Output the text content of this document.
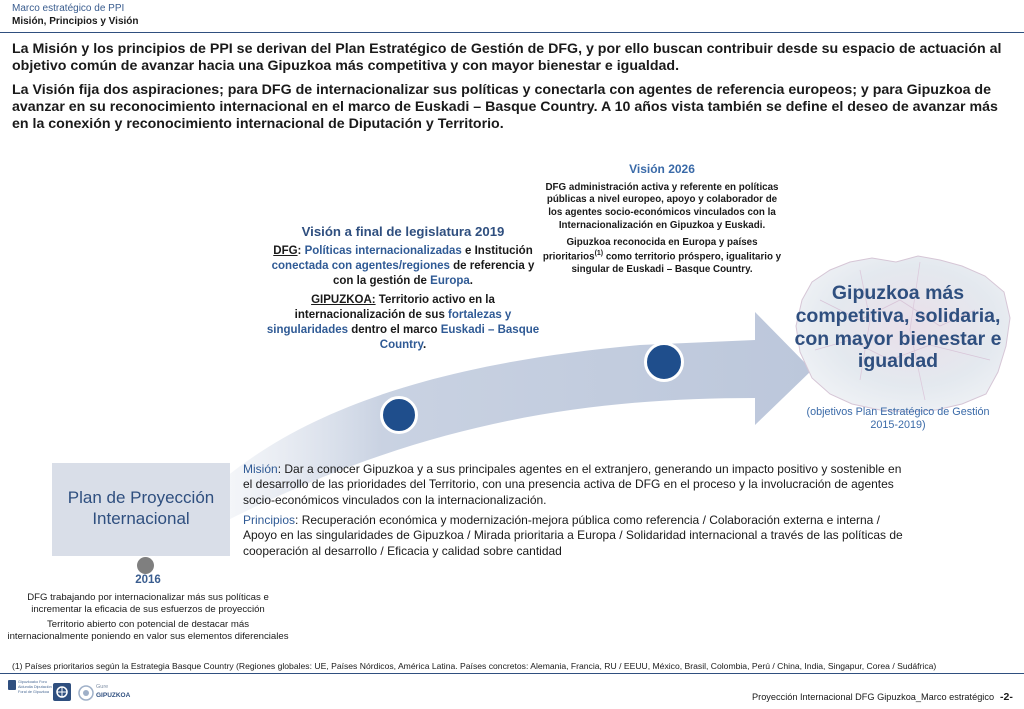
Marco estratégico de PPI
Misión, Principios y Visión

La Misión y los principios de PPI se derivan del Plan Estratégico de Gestión de DFG, y por ello buscan contribuir desde su espacio de actuación al objetivo común de avanzar hacia una Gipuzkoa más competitiva y con mayor bienestar e igualdad.

La Visión fija dos aspiraciones; para DFG de internacionalizar sus políticas y conectarla con agentes de referencia europeos; y para Gipuzkoa de avanzar en su reconocimiento internacional en el marco de Euskadi – Basque Country. A 10 años vista también se define el deseo de avanzar más en la conexión y reconocimiento internacional de Diputación y Territorio.

Plan de Proyección
Internacional
2016

DFG trabajando por internacionalizar más sus políticas e incrementar la eficacia de sus esfuerzos de proyección

Territorio abierto con potencial de destacar más internacionalmente poniendo en valor sus elementos diferenciales

Visión a final de legislatura 2019

DFG: Políticas internacionalizadas e Institución conectada con agentes/regiones de referencia y con la gestión de Europa.

GIPUZKOA: Territorio activo en la internacionalización de sus fortalezas y singularidades dentro el marco Euskadi – Basque Country.

Visión 2026

DFG administración activa y referente en políticas públicas a nivel europeo, apoyo y colaborador de los agentes socio-económicos vinculados con la Internacionalización en Gipuzkoa y Euskadi.

Gipuzkoa reconocida en Europa y países prioritarios$^{(1)}$ como territorio próspero, igualitario y singular de Euskadi – Basque Country.

Gipuzkoa más competitiva, solidaria, con mayor bienestar e igualdad
(objetivos Plan Estratégico de Gestión 2015-2019)

Misión: Dar a conocer Gipuzkoa y a sus principales agentes en el extranjero, generando un impacto positivo y sostenible en el desarrollo de las prioridades del Territorio, con una presencia activa de DFG en el proceso y la involucración de agentes socio-económicos vinculados con la internacionalización.

Principios: Recuperación económica y modernización-mejora pública como referencia / Colaboración externa e interna / Apoyo en las singularidades de Gipuzkoa / Mirada prioritaria a Europa / Solidaridad internacional a través de las políticas de cooperación al desarrollo / Eficacia y calidad sobre cantidad

(1) Países prioritarios según la Estrategia Basque Country (Regiones globales: UE, Países Nórdicos, América Latina. Países concretos: Alemania, Francia, RU / EEUU, México, Brasil, Colombia, Perú / China, India, Singapur, Corea / Sudáfrica)
Gipuzkoako Foru Aldundia Diputación Foral de Gipuzkoa
Gure
GIPUZKOA	Proyección Internacional DFG Gipuzkoa_Marco estratégico -2-
